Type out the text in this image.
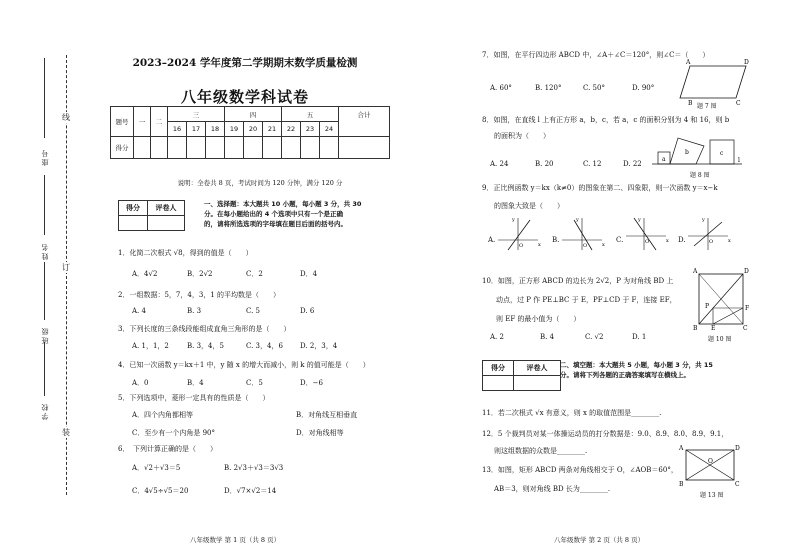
线
订
装
座 号
姓 名
班 级
学 校
2023–2024 学年度第二学期期末数学质量检测
八年级数学科试卷
题号	一	二	三			四			五			合计
			16	17	18	19	20	21	22	23	24	
得分												
说明：全卷共 8 页，考试时间为 120 分钟，满分 120 分
得分	评卷人
		一、选择题：本大题共 10 小题，每小题 3 分，共 30
分。在每小题给出的 4 个选项中只有一个是正确
的，请将所选选项的字母填在题目后面的括号内。
1．化简二次根式 √8，得到的值是（　　）
A．4√2	B．2√2	C．2	D．4
2．一组数据：5，7，4，3，1 的平均数是（　　）
A. 4	B. 3	C. 5	D. 6
3．下列长度的三条线段能组成直角三角形的是（　　）
A. 1，1，2	B. 3，4，5	C. 3，4，6 D. 2，3，4
4．已知一次函数 y＝kx＋1 中，y 随 x 的增大而减小，则 k 的值可能是（　　）
A．0	B．4	C．5	D．−6
5．下列选项中，菱形一定具有的性质是（　　）
A．四个内角都相等	B．对角线互相垂直
C．至少有一个内角是 90°	D．对角线相等
6．　下列计算正确的是（　　）
A．√2＋√3＝5	B. 2√3＋√3＝3√3
C．4√5÷√5＝20	D．√7×√2＝14
八年级数学 第 1 页（共 8 页）
7．如图，在平行四边形 ABCD 中，∠A＋∠C＝120°，则∠C＝（　　）
A. 60°	B. 120°	C. 50°	D. 90°
A	D
B	C
题 7 图
8．如图，在直线 l 上有正方形 a，b，c，若 a，c 的面积分别为 4 和 16，则 b
的面积为（　　）
A. 24	B. 20	C. 12	D. 22
a
b	c
l
题 8 图
9．正比例函数 y＝kx（k≠0）的图象在第二、四象限，则一次函数 y＝x−k
的图象大致是（　　）
A.	B.	C.	D.
x
y
O	x
y
O
x
y
O	x
y
O
10．如图，正方形 ABCD 的边长为 2√2，P 为对角线 BD 上
动点，过 P 作 PE⊥BC 于 E，PF⊥CD 于 F，连接 EF，
则 EF 的最小值为（　　）
A. 2	B. 4	C. √2	D. 1
A	D
P	F
B E	C
题 10 图
得分	评卷人
	二、填空题：本大题共 5 小题，每小题 3 分，共 15
分。请将下列各题的正确答案填写在横线上。
11．若二次根式 √x 有意义，则 x 的取值范围是________.
12．5 个裁判员对某一体操运动员的打分数据是：9.0、8.9、8.0、8.9、9.1，
则这组数据的众数是________.
13．如图，矩形 ABCD 两条对角线相交于 O，∠AOB＝60°，
AB＝3，则对角线 BD 长为________.
A	D
O
B	C
题 13 图
八年级数学 第 2 页（共 8 页）
